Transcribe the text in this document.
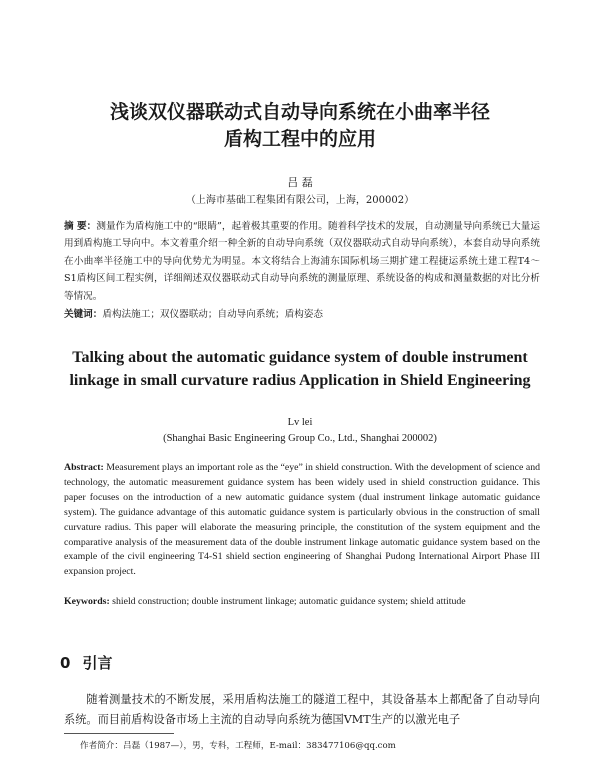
浅谈双仪器联动式自动导向系统在小曲率半径
盾构工程中的应用
吕 磊
（上海市基础工程集团有限公司，上海，200002）
摘 要：测量作为盾构施工中的“眼睛”，起着极其重要的作用。随着科学技术的发展，自动测量导向系统已大量运用到盾构施工导向中。本文着重介绍一种全新的自动导向系统（双仪器联动式自动导向系统），本套自动导向系统在小曲率半径施工中的导向优势尤为明显。本文将结合上海浦东国际机场三期扩建工程捷运系统土建工程T4～S1盾构区间工程实例，详细阐述双仪器联动式自动导向系统的测量原理、系统设备的构成和测量数据的对比分析等情况。
关键词：盾构法施工；双仪器联动；自动导向系统；盾构姿态
Talking about the automatic guidance system of double instrument
linkage in small curvature radius Application in Shield Engineering
Lv lei
(Shanghai Basic Engineering Group Co., Ltd., Shanghai 200002)
Abstract: Measurement plays an important role as the “eye” in shield construction. With the development of science and technology, the automatic measurement guidance system has been widely used in shield construction guidance. This paper focuses on the introduction of a new automatic guidance system (dual instrument linkage automatic guidance system). The guidance advantage of this automatic guidance system is particularly obvious in the construction of small curvature radius. This paper will elaborate the measuring principle, the constitution of the system equipment and the comparative analysis of the measurement data of the double instrument linkage automatic guidance system based on the example of the civil engineering T4-S1 shield section engineering of Shanghai Pudong International Airport Phase III expansion project.
Keywords: shield construction; double instrument linkage; automatic guidance system; shield attitude
0 引言
随着测量技术的不断发展，采用盾构法施工的隧道工程中，其设备基本上都配备了自动导向系统。而目前盾构设备市场上主流的自动导向系统为德国VMT生产的以激光电子
作者简介：吕磊（1987—），男，专科，工程师，E-mail：383477106@qq.com
